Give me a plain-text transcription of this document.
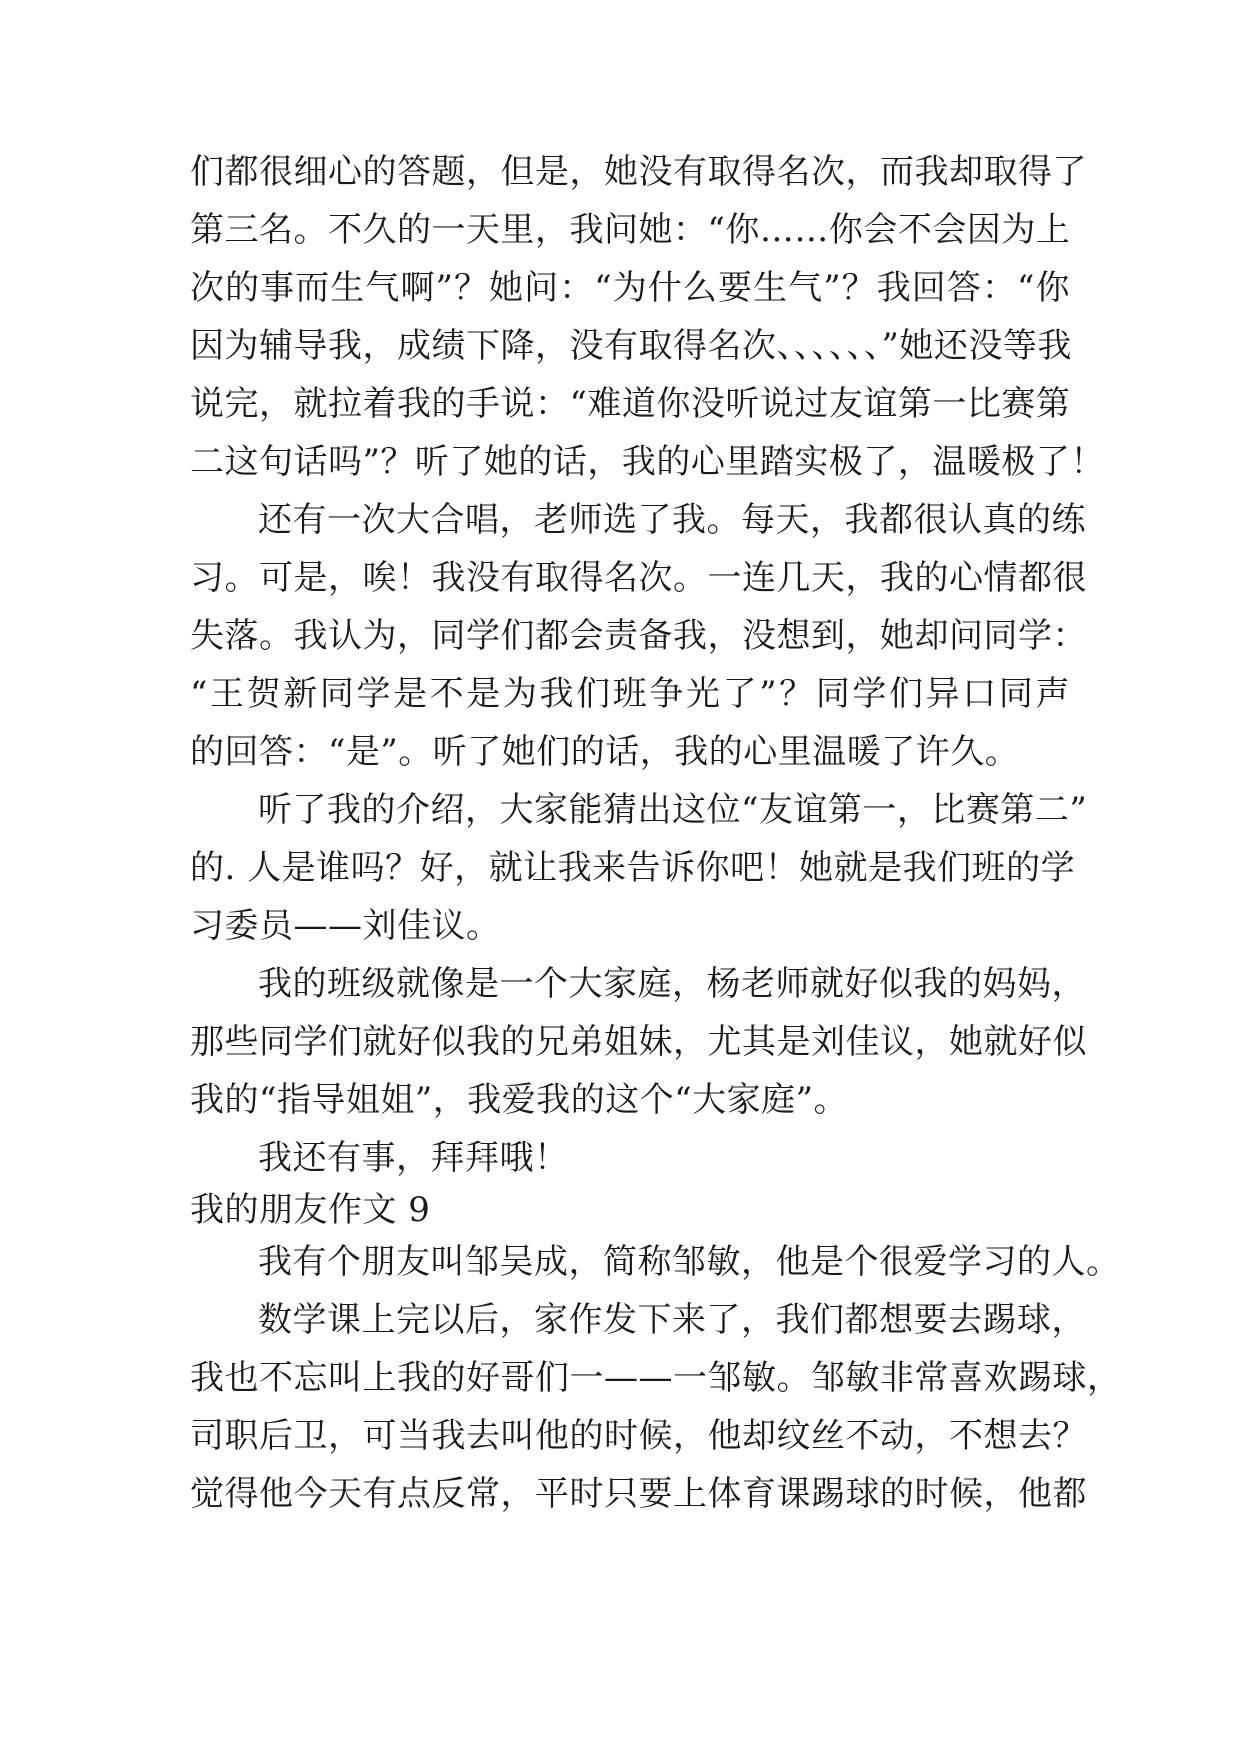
们都很细心的答题，但是，她没有取得名次，而我却取得了
第三名。不久的一天里，我问她：“你……你会不会因为上
次的事而生气啊”？她问：“为什么要生气”？我回答：“你
因为辅导我，成绩下降，没有取得名次、、、、、、”她还没等我
说完，就拉着我的手说：“难道你没听说过友谊第一比赛第
二这句话吗”？听了她的话，我的心里踏实极了，温暖极了！
还有一次大合唱，老师选了我。每天，我都很认真的练
习。可是，唉！我没有取得名次。一连几天，我的心情都很
失落。我认为，同学们都会责备我，没想到，她却问同学：
“王贺新同学是不是为我们班争光了”？同学们异口同声
的回答：“是”。听了她们的话，我的心里温暖了许久。
听了我的介绍，大家能猜出这位“友谊第一，比赛第二”
的. 人是谁吗？好，就让我来告诉你吧！她就是我们班的学
习委员——刘佳议。
我的班级就像是一个大家庭，杨老师就好似我的妈妈，
那些同学们就好似我的兄弟姐妹，尤其是刘佳议，她就好似
我的“指导姐姐”，我爱我的这个“大家庭”。
我还有事，拜拜哦！
我的朋友作文 9
我有个朋友叫邹吴成，简称邹敏，他是个很爱学习的人。
数学课上完以后，家作发下来了，我们都想要去踢球，
我也不忘叫上我的好哥们一——一邹敏。邹敏非常喜欢踢球，
司职后卫，可当我去叫他的时候，他却纹丝不动，不想去？
觉得他今天有点反常，平时只要上体育课踢球的时候，他都
